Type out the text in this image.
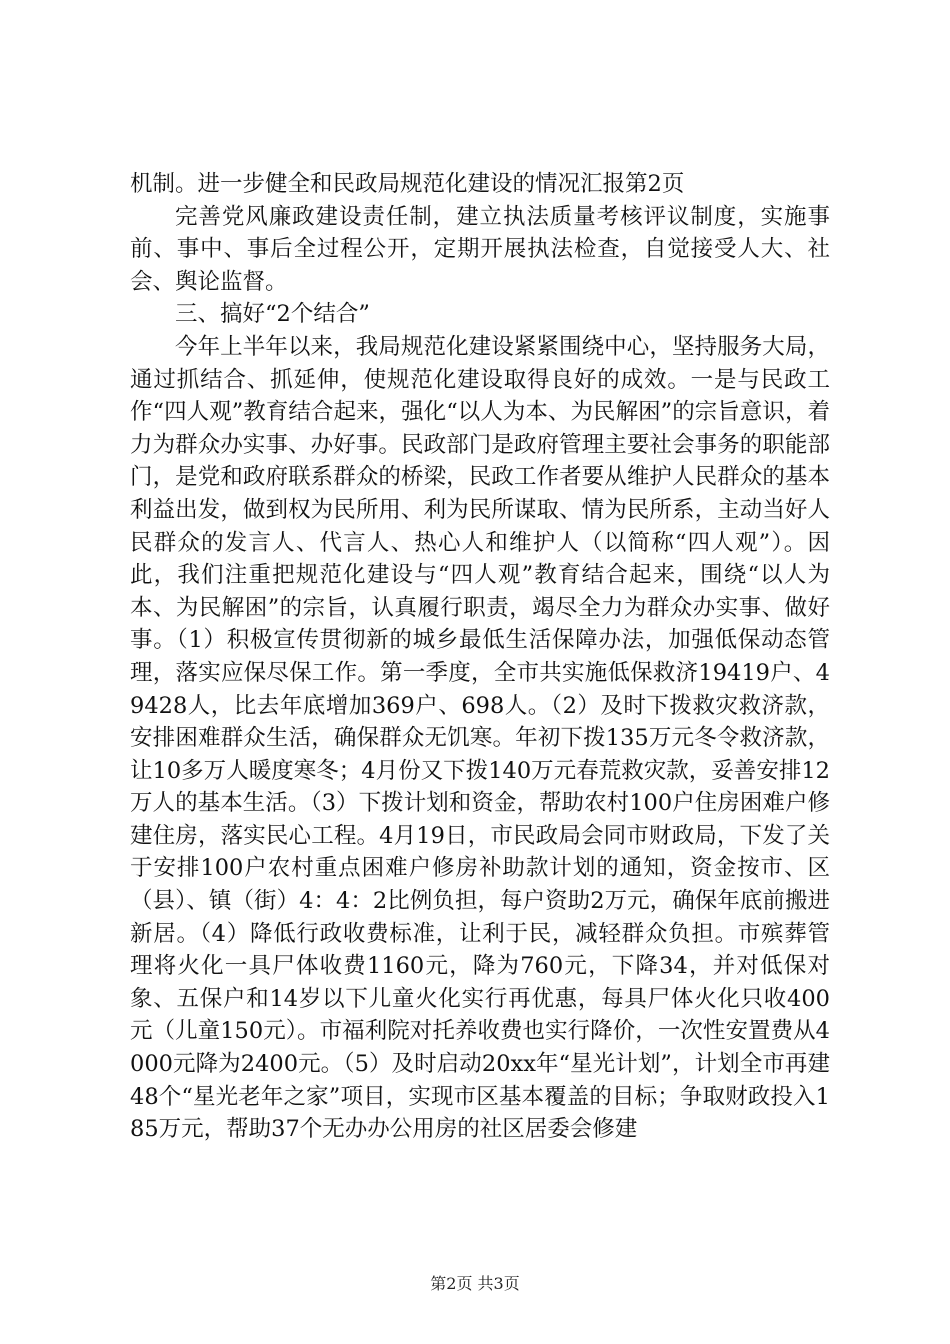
机制。进一步健全和民政局规范化建设的情况汇报第2页

完善党风廉政建设责任制，建立执法质量考核评议制度，实施事前、事中、事后全过程公开，定期开展执法检查，自觉接受人大、社会、舆论监督。

三、搞好“2个结合”

今年上半年以来，我局规范化建设紧紧围绕中心，坚持服务大局，通过抓结合、抓延伸，使规范化建设取得良好的成效。一是与民政工作“四人观”教育结合起来，强化“以人为本、为民解困”的宗旨意识，着力为群众办实事、办好事。民政部门是政府管理主要社会事务的职能部门，是党和政府联系群众的桥梁，民政工作者要从维护人民群众的基本利益出发，做到权为民所用、利为民所谋取、情为民所系，主动当好人民群众的发言人、代言人、热心人和维护人（以简称“四人观”）。因此，我们注重把规范化建设与“四人观”教育结合起来，围绕“以人为本、为民解困”的宗旨，认真履行职责，竭尽全力为群众办实事、做好事。（1）积极宣传贯彻新的城乡最低生活保障办法，加强低保动态管理，落实应保尽保工作。第一季度，全市共实施低保救济19419户、49428人，比去年底增加369户、698人。（2）及时下拨救灾救济款，安排困难群众生活，确保群众无饥寒。年初下拨135万元冬令救济款，让10多万人暖度寒冬；4月份又下拨140万元春荒救灾款，妥善安排12万人的基本生活。（3）下拨计划和资金，帮助农村100户住房困难户修建住房，落实民心工程。4月19日，市民政局会同市财政局，下发了关于安排100户农村重点困难户修房补助款计划的通知，资金按市、区（县）、镇（街）4：4：2比例负担，每户资助2万元，确保年底前搬进新居。（4）降低行政收费标准，让利于民，减轻群众负担。市殡葬管理将火化一具尸体收费1160元，降为760元，下降34，并对低保对象、五保户和14岁以下儿童火化实行再优惠，每具尸体火化只收400元（儿童150元）。市福利院对托养收费也实行降价，一次性安置费从4000元降为2400元。（5）及时启动20xx年“星光计划”，计划全市再建48个“星光老年之家”项目，实现市区基本覆盖的目标；争取财政投入185万元，帮助37个无办办公用房的社区居委会修建

第2页 共3页
